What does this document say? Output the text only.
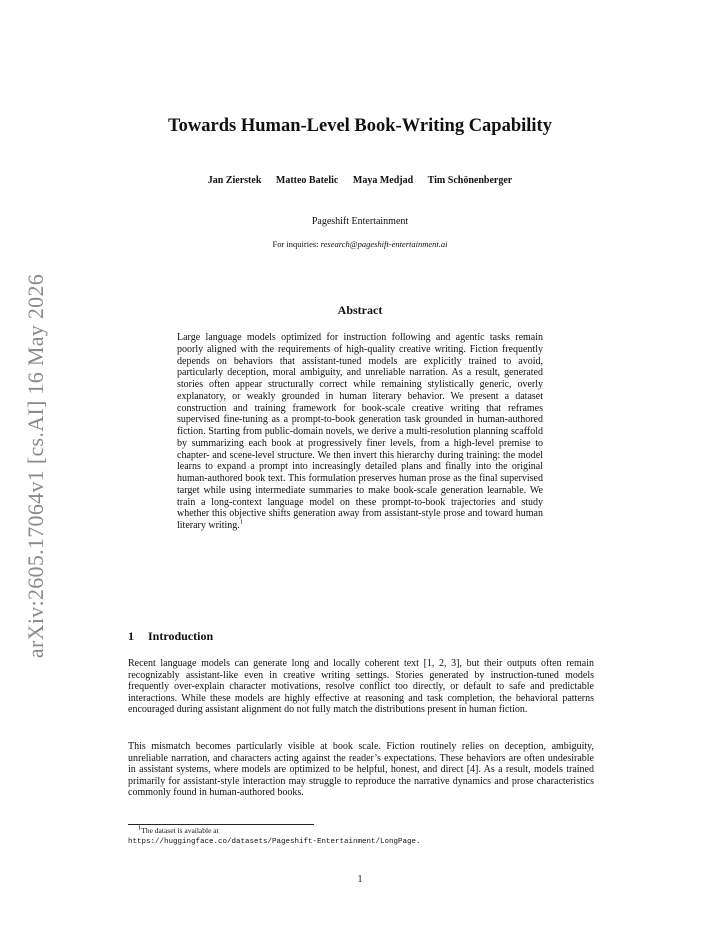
arXiv:2605.17064v1 [cs.AI] 16 May 2026
Towards Human-Level Book-Writing Capability
Jan Zierstek Matteo Batelic Maya Medjad Tim Schönenberger
Pageshift Entertainment
For inquiries: research@pageshift-entertainment.ai
Abstract
Large language models optimized for instruction following and agentic tasks remain poorly aligned with the requirements of high-quality creative writing. Fiction frequently depends on behaviors that assistant-tuned models are explicitly trained to avoid, particularly deception, moral ambiguity, and unreliable narration. As a result, generated stories often appear structurally correct while remaining stylistically generic, overly explanatory, or weakly grounded in human literary behavior. We present a dataset construction and training framework for book-scale creative writing that reframes supervised fine-tuning as a prompt-to-book generation task grounded in human-authored fiction. Starting from public-domain novels, we derive a multi-resolution planning scaffold by summarizing each book at progressively finer levels, from a high-level premise to chapter- and scene-level structure. We then invert this hierarchy during training: the model learns to expand a prompt into increasingly detailed plans and finally into the original human-authored book text. This formulation preserves human prose as the final supervised target while using intermediate summaries to make book-scale generation learnable. We train a long-context language model on these prompt-to-book trajectories and study whether this objective shifts generation away from assistant-style prose and toward human literary writing.$^1$
1 Introduction

Recent language models can generate long and locally coherent text [1, 2, 3], but their outputs often remain recognizably assistant-like even in creative writing settings. Stories generated by instruction-tuned models frequently over-explain character motivations, resolve conflict too directly, or default to safe and predictable interactions. While these models are highly effective at reasoning and task completion, the behavioral patterns encouraged during assistant alignment do not fully match the distributions present in human fiction.

This mismatch becomes particularly visible at book scale. Fiction routinely relies on deception, ambiguity, unreliable narration, and characters acting against the reader’s expectations. These behaviors are often undesirable in assistant systems, where models are optimized to be helpful, honest, and direct [4]. As a result, models trained primarily for assistant-style interaction may struggle to reproduce the narrative dynamics and prose characteristics commonly found in human-authored books.

$^1$The dataset is available at
https://huggingface.co/datasets/Pageshift-Entertainment/LongPage.
1
